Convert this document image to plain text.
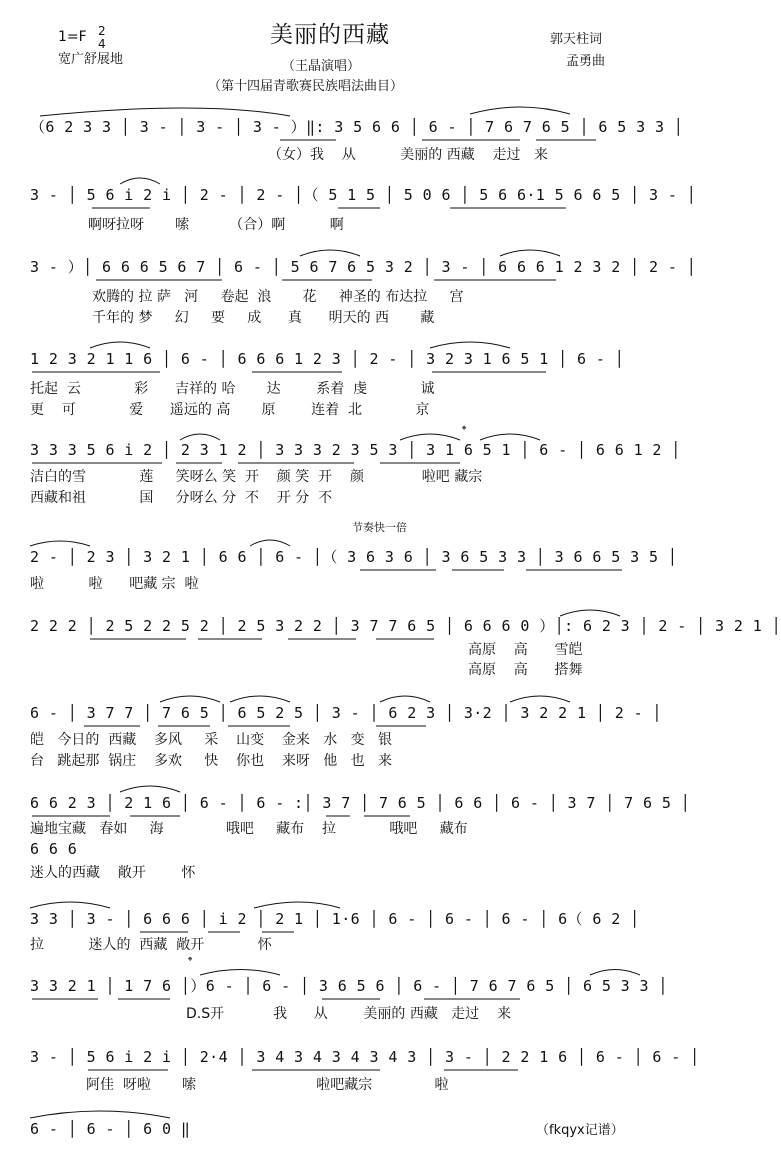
1=F 2
4
宽广舒展地
美丽的西藏
（王晶演唱）
（第十四届青歌赛民族唱法曲目）
郭天柱词
孟勇曲
（6 2 3 3 │ 3 - │ 3 - │ 3 - ）‖: 3 5 6 6 │ 6 - │ 7 6 7 6 5 │ 6 5 3 3 │
（女）我    从          美丽的 西藏    走过   来
3 - │ 5 6 i 2 i │ 2 - │ 2 - │（ 5 1 5 │ 5 0 6 │ 5 6 6·1 5 6 6 5 │ 3 - │
啊呀拉呀       嗦         （合）啊          啊
3 - ）│ 6 6 6 5 6 7 │ 6 - │ 5 6 7 6 5 3 2 │ 3 - │ 6 6 6 1 2 3 2 │ 2 - │
欢腾的 拉 萨   河     卷起  浪       花     神圣的 布达拉     宫
千年的 梦     幻     要     成      真      明天的 西       藏
1 2 3 2 1 1 6 │ 6 - │ 6 6 6 1 2 3 │ 2 - │ 3 2 3 1 6 5 1 │ 6 - │
托起  云            彩      吉祥的 哈       达        系着  虔            诚
更    可            爱      遥远的 高       原        连着  北            京
3 3 3 5 6 i 2 │ 2 3 1 2 │ 3 3 3 2 3 5 3 │ 3 1 6 5 1 │ 6 - │ 6 6 1 2 │
洁白的雪            莲     笑呀么 笑  开    颜 笑  开    颜             啦吧 藏宗
西藏和祖            国     分呀么 分  不    开 分  不
节奏快一倍
2 - │ 2 3 │ 3 2 1 │ 6 6 │ 6 - │（ 3 6 3 6 │ 3 6 5 3 3 │ 3 6 6 5 3 5 │
啦          啦      吧藏 宗  啦
2 2 2 │ 2 5 2 2 5 2 │ 2 5 3 2 2 │ 3 7 7 6 5 │ 6 6 6 0 ）│: 6 2 3 │ 2 - │ 3 2 1 │
高原    高      雪皑
高原    高      搭舞
6 - │ 3 7 7 │ 7 6 5 │ 6 5 2 5 │ 3 - │ 6 2 3 │ 3·2 │ 3 2 2 1 │ 2 - │
皑   今日的  西藏    多风     采    山变    金来   水   变   银
台   跳起那  锅庄    多欢     快    你也    来呀   他   也   来
6 6 2 3 │ 2 1 6 │ 6 - │ 6 - :│ 3 7 │ 7 6 5 │ 6 6 │ 6 - │ 3 7 │ 7 6 5 │
遍地宝藏   春如     海              哦吧     藏布    拉            哦吧     藏布
6 6 6
迷人的西藏    敞开        怀
3 3 │ 3 - │ 6 6 6 │ i 2 │ 2 1 │ 1·6 │ 6 - │ 6 - │ 6 - │ 6（ 6 2 │
拉          迷人的  西藏  敞开            怀
3 3 2 1 │ 1 7 6 │）6 - │ 6 - │ 3 6 5 6 │ 6 - │ 7 6 7 6 5 │ 6 5 3 3 │
D.S开           我      从        美丽的 西藏   走过    来
3 - │ 5 6 i 2 i │ 2·4 │ 3 4 3 4 3 4 3 4 3 │ 3 - │ 2 2 1 6 │ 6 - │ 6 - │
阿佳  呀啦       嗦                           啦吧藏宗              啦
6 - │ 6 - │ 6 0 ‖	（fkqyx记谱）
𝄌
𝄌
